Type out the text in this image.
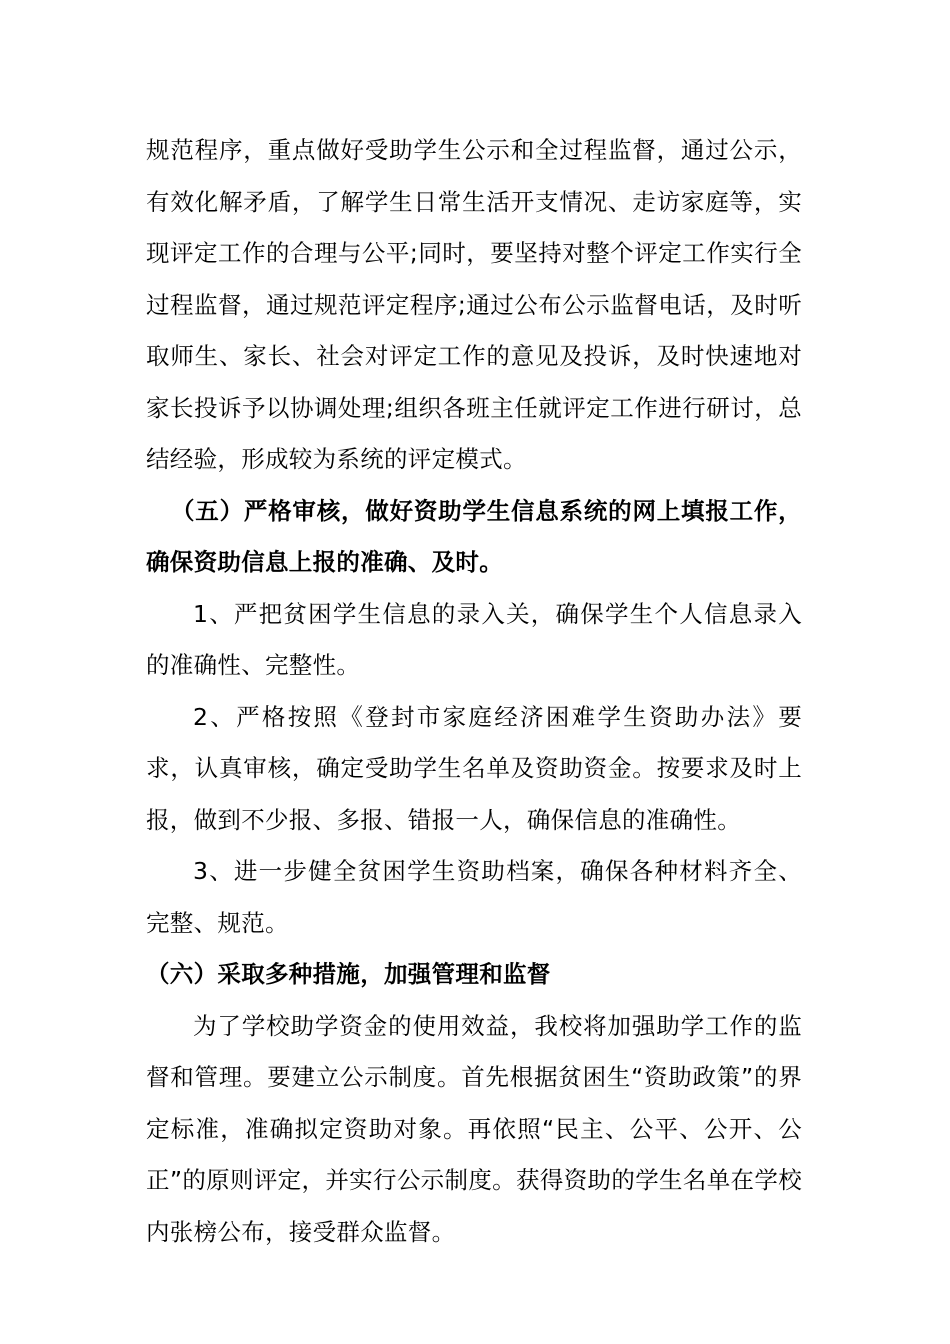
规范程序，重点做好受助学生公示和全过程监督，通过公示，有效化解矛盾，了解学生日常生活开支情况、走访家庭等，实现评定工作的合理与公平;同时，要坚持对整个评定工作实行全过程监督，通过规范评定程序;通过公布公示监督电话，及时听取师生、家长、社会对评定工作的意见及投诉，及时快速地对家长投诉予以协调处理;组织各班主任就评定工作进行研讨，总结经验，形成较为系统的评定模式。

（五）严格审核，做好资助学生信息系统的网上填报工作，确保资助信息上报的准确、及时。

1、严把贫困学生信息的录入关，确保学生个人信息录入的准确性、完整性。

2、严格按照《登封市家庭经济困难学生资助办法》要求，认真审核，确定受助学生名单及资助资金。按要求及时上报，做到不少报、多报、错报一人，确保信息的准确性。

3、进一步健全贫困学生资助档案，确保各种材料齐全、完整、规范。

（六）采取多种措施，加强管理和监督

为了学校助学资金的使用效益，我校将加强助学工作的监督和管理。要建立公示制度。首先根据贫困生“资助政策”的界定标准，准确拟定资助对象。再依照“民主、公平、公开、公正”的原则评定，并实行公示制度。获得资助的学生名单在学校内张榜公布，接受群众监督。
